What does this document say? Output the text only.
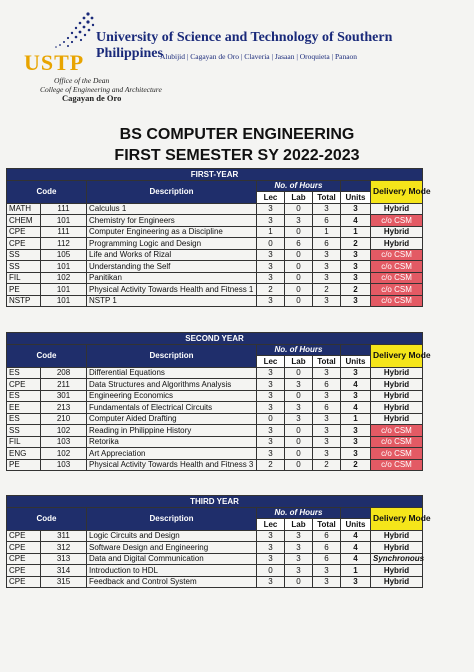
USTP
University of Science and Technology of Southern Philippines
Alubijid | Cagayan de Oro | Claveria | Jasaan | Oroquieta | Panaon
Office of the Dean
College of Engineering and Architecture
Cagayan de Oro
BS COMPUTER ENGINEERING
FIRST SEMESTER SY 2022-2023
FIRST-YEAR							
Code		Description	No. of Hours				Delivery Mode
			Lec	Lab	Total	Units	
MATH	111	Calculus 1	3	0	3	3	Hybrid
CHEM	101	Chemistry for Engineers	3	3	6	4	c/o CSM
CPE	111	Computer Engineering as a Discipline	1	0	1	1	Hybrid
CPE	112	Programming Logic and Design	0	6	6	2	Hybrid
SS	105	Life and Works of Rizal	3	0	3	3	c/o CSM
SS	101	Understanding the Self	3	0	3	3	c/o CSM
FIL	102	Panitikan	3	0	3	3	c/o CSM
PE	101	Physical Activity Towards Health and Fitness 1	2	0	2	2	c/o CSM
NSTP	101	NSTP 1	3	0	3	3	c/o CSM
SECOND YEAR							
Code		Description	No. of Hours				Delivery Mode
			Lec	Lab	Total	Units	
ES	208	Differential Equations	3	0	3	3	Hybrid
CPE	211	Data Structures and Algorithms Analysis	3	3	6	4	Hybrid
ES	301	Engineering Economics	3	0	3	3	Hybrid
EE	213	Fundamentals of Electrical Circuits	3	3	6	4	Hybrid
ES	210	Computer Aided Drafting	0	3	3	1	Hybrid
SS	102	Reading in Philippine History	3	0	3	3	c/o CSM
FIL	103	Retorika	3	0	3	3	c/o CSM
ENG	102	Art Appreciation	3	0	3	3	c/o CSM
PE	103	Physical Activity Towards Health and Fitness 3	2	0	2	2	c/o CSM
THIRD YEAR							
Code		Description	No. of Hours				Delivery Mode
			Lec	Lab	Total	Units	
CPE	311	Logic Circuits and Design	3	3	6	4	Hybrid
CPE	312	Software Design and Engineering	3	3	6	4	Hybrid
CPE	313	Data and Digital Communication	3	3	6	4	Synchronous
CPE	314	Introduction to HDL	0	3	3	1	Hybrid
CPE	315	Feedback and Control System	3	0	3	3	Hybrid
